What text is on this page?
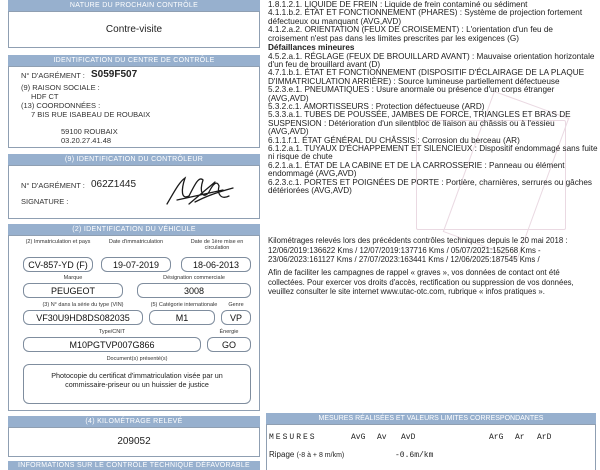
NATURE DU PROCHAIN CONTRÔLE
Contre-visite
IDENTIFICATION DU CENTRE DE CONTRÔLE
N° D'AGRÉMENT : S059F507
(9) RAISON SOCIALE :
HDF CT
(13) COORDONNÉES :
7 BIS RUE ISABEAU DE ROUBAIX
59100 ROUBAIX
03.20.27.41.48
(9) IDENTIFICATION DU CONTRÔLEUR
N° D'AGRÉMENT : 062Z1445
SIGNATURE :
(2) IDENTIFICATION DU VÉHICULE
(2) Immatriculation et pays	Date d'immatriculation	Date de 1ère mise en circulation
CV-857-YD (F)	19-07-2019	18-06-2013
Marque	Désignation commerciale
PEUGEOT	3008
(3) N° dans la série du type (VIN)	(5) Catégorie internationale	Genre
VF30U9HD8DS082035	M1	VP
Type/CNIT	Énergie
M10PGTVP007G866	GO
Document(s) présenté(s)
Photocopie du certificat d'immatriculation visée par un commissaire-priseur ou un huissier de justice
(4) KILOMÉTRAGE RELEVÉ
209052
INFORMATIONS SUR LE CONTRÔLE TECHNIQUE DÉFAVORABLE
1.8.1.2.1. LIQUIDE DE FREIN : Liquide de frein contaminé ou sédiment
4.1.1.b.2. ÉTAT ET FONCTIONNEMENT (PHARES) : Système de projection fortement
défectueux ou manquant (AVG,AVD)
4.1.2.a.2. ORIENTATION (FEUX DE CROISEMENT) : L'orientation d'un feu de
croisement n'est pas dans les limites prescrites par les exigences (G)
Défaillances mineures
4.5.2.a.1. RÉGLAGE (FEUX DE BROUILLARD AVANT) : Mauvaise orientation horizontale
d'un feu de brouillard avant (D)
4.7.1.b.1. ÉTAT ET FONCTIONNEMENT (DISPOSITIF D'ÉCLAIRAGE DE LA PLAQUE
D'IMMATRICULATION ARRIÈRE) : Source lumineuse partiellement défectueuse
5.2.3.e.1. PNEUMATIQUES : Usure anormale ou présence d'un corps étranger
(AVG,AVD)
5.3.2.c.1. AMORTISSEURS : Protection défectueuse (ARD)
5.3.3.a.1. TUBES DE POUSSÉE, JAMBES DE FORCE, TRIANGLES ET BRAS DE
SUSPENSION : Détérioration d'un silentbloc de liaison au châssis ou à l'essieu
(AVG,AVD)
6.1.1.f.1. ÉTAT GÉNÉRAL DU CHÂSSIS : Corrosion du berceau (AR)
6.1.2.a.1. TUYAUX D'ÉCHAPPEMENT ET SILENCIEUX : Dispositif endommagé sans fuite
ni risque de chute
6.2.1.a.1. ÉTAT DE LA CABINE ET DE LA CARROSSERIE : Panneau ou élément
endommagé (AVG,AVD)
6.2.3.c.1. PORTES ET POIGNÉES DE PORTE : Portière, charnières, serrures ou gâches
détériorées (AVG,AVD)
Kilométrages relevés lors des précédents contrôles techniques depuis le 20 mai 2018 :
12/06/2019:136622 Kms / 12/07/2019:137716 Kms / 05/07/2021:152568 Kms -
23/06/2023:161127 Kms / 27/07/2023:163441 Kms / 12/06/2025:187545 Kms /
Afin de faciliter les campagnes de rappel « graves », vos données de contact ont été
collectées. Pour exercer vos droits d'accès, rectification ou suppression de vos données,
veuillez consulter le site internet www.utac-otc.com, rubrique « infos pratiques ».
MESURES RÉALISÉES ET VALEURS LIMITES CORRESPONDANTES
MESURES	AvG Av AvD	ArG Ar ArD
Ripage (-8 à + 8 m/km)	-0.6m/km
